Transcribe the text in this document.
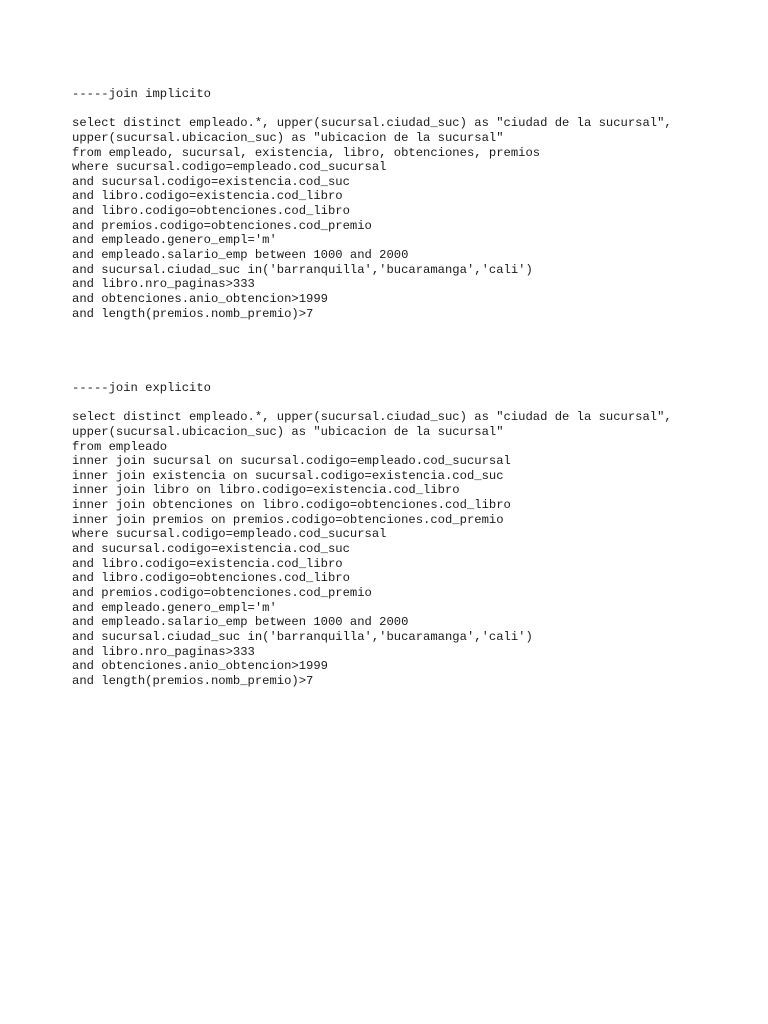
-----join implicito
select distinct empleado.*, upper(sucursal.ciudad_suc) as "ciudad de la sucursal",
upper(sucursal.ubicacion_suc) as "ubicacion de la sucursal"
from empleado, sucursal, existencia, libro, obtenciones, premios
where sucursal.codigo=empleado.cod_sucursal
and sucursal.codigo=existencia.cod_suc
and libro.codigo=existencia.cod_libro
and libro.codigo=obtenciones.cod_libro
and premios.codigo=obtenciones.cod_premio
and empleado.genero_empl='m'
and empleado.salario_emp between 1000 and 2000
and sucursal.ciudad_suc in('barranquilla','bucaramanga','cali')
and libro.nro_paginas>333
and obtenciones.anio_obtencion>1999
and length(premios.nomb_premio)>7
-----join explicito
select distinct empleado.*, upper(sucursal.ciudad_suc) as "ciudad de la sucursal",
upper(sucursal.ubicacion_suc) as "ubicacion de la sucursal"
from empleado
inner join sucursal on sucursal.codigo=empleado.cod_sucursal
inner join existencia on sucursal.codigo=existencia.cod_suc
inner join libro on libro.codigo=existencia.cod_libro
inner join obtenciones on libro.codigo=obtenciones.cod_libro
inner join premios on premios.codigo=obtenciones.cod_premio
where sucursal.codigo=empleado.cod_sucursal
and sucursal.codigo=existencia.cod_suc
and libro.codigo=existencia.cod_libro
and libro.codigo=obtenciones.cod_libro
and premios.codigo=obtenciones.cod_premio
and empleado.genero_empl='m'
and empleado.salario_emp between 1000 and 2000
and sucursal.ciudad_suc in('barranquilla','bucaramanga','cali')
and libro.nro_paginas>333
and obtenciones.anio_obtencion>1999
and length(premios.nomb_premio)>7
